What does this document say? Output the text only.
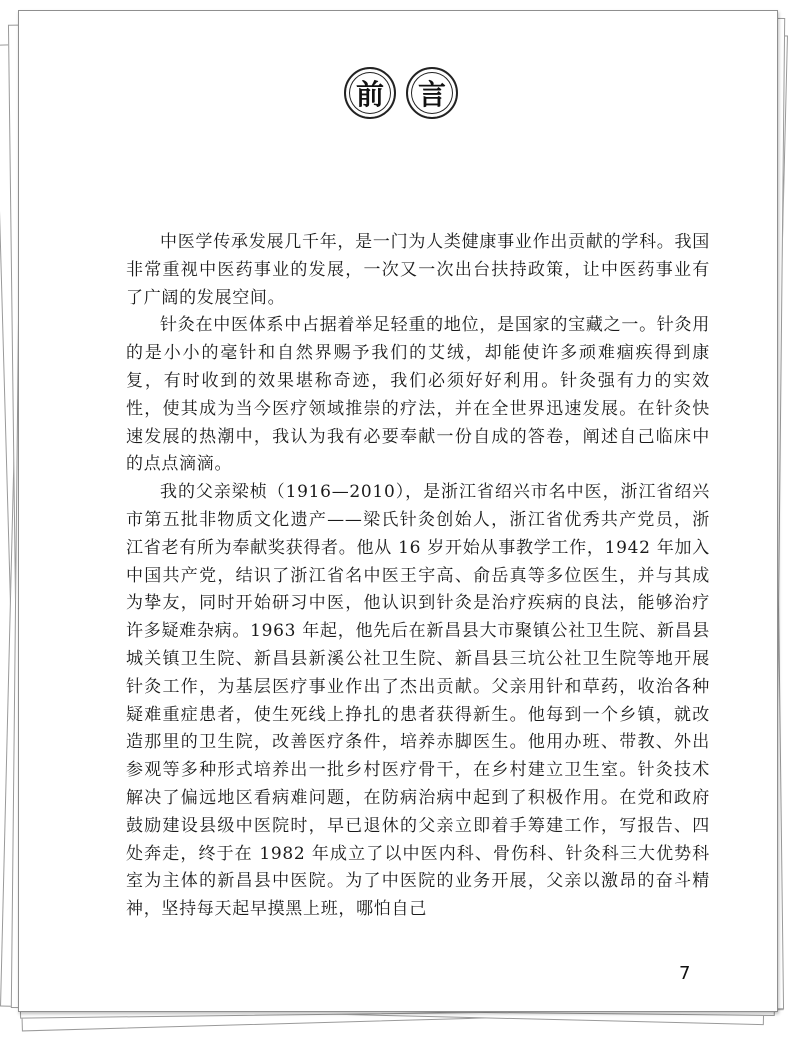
前	言

中医学传承发展几千年，是一门为人类健康事业作出贡献的学科。我国非常重视中医药事业的发展，一次又一次出台扶持政策，让中医药事业有了广阔的发展空间。

针灸在中医体系中占据着举足轻重的地位，是国家的宝藏之一。针灸用的是小小的毫针和自然界赐予我们的艾绒，却能使许多顽难痼疾得到康复，有时收到的效果堪称奇迹，我们必须好好利用。针灸强有力的实效性，使其成为当今医疗领域推崇的疗法，并在全世界迅速发展。在针灸快速发展的热潮中，我认为我有必要奉献一份自成的答卷，阐述自己临床中的点点滴滴。

我的父亲梁桢（1916—2010），是浙江省绍兴市名中医，浙江省绍兴市第五批非物质文化遗产——梁氏针灸创始人，浙江省优秀共产党员，浙江省老有所为奉献奖获得者。他从 16 岁开始从事教学工作，1942 年加入中国共产党，结识了浙江省名中医王宇高、俞岳真等多位医生，并与其成为挚友，同时开始研习中医，他认识到针灸是治疗疾病的良法，能够治疗许多疑难杂病。1963 年起，他先后在新昌县大市聚镇公社卫生院、新昌县城关镇卫生院、新昌县新溪公社卫生院、新昌县三坑公社卫生院等地开展针灸工作，为基层医疗事业作出了杰出贡献。父亲用针和草药，收治各种疑难重症患者，使生死线上挣扎的患者获得新生。他每到一个乡镇，就改造那里的卫生院，改善医疗条件，培养赤脚医生。他用办班、带教、外出参观等多种形式培养出一批乡村医疗骨干，在乡村建立卫生室。针灸技术解决了偏远地区看病难问题，在防病治病中起到了积极作用。在党和政府鼓励建设县级中医院时，早已退休的父亲立即着手筹建工作，写报告、四处奔走，终于在 1982 年成立了以中医内科、骨伤科、针灸科三大优势科室为主体的新昌县中医院。为了中医院的业务开展，父亲以激昂的奋斗精神，坚持每天起早摸黑上班，哪怕自己

7
